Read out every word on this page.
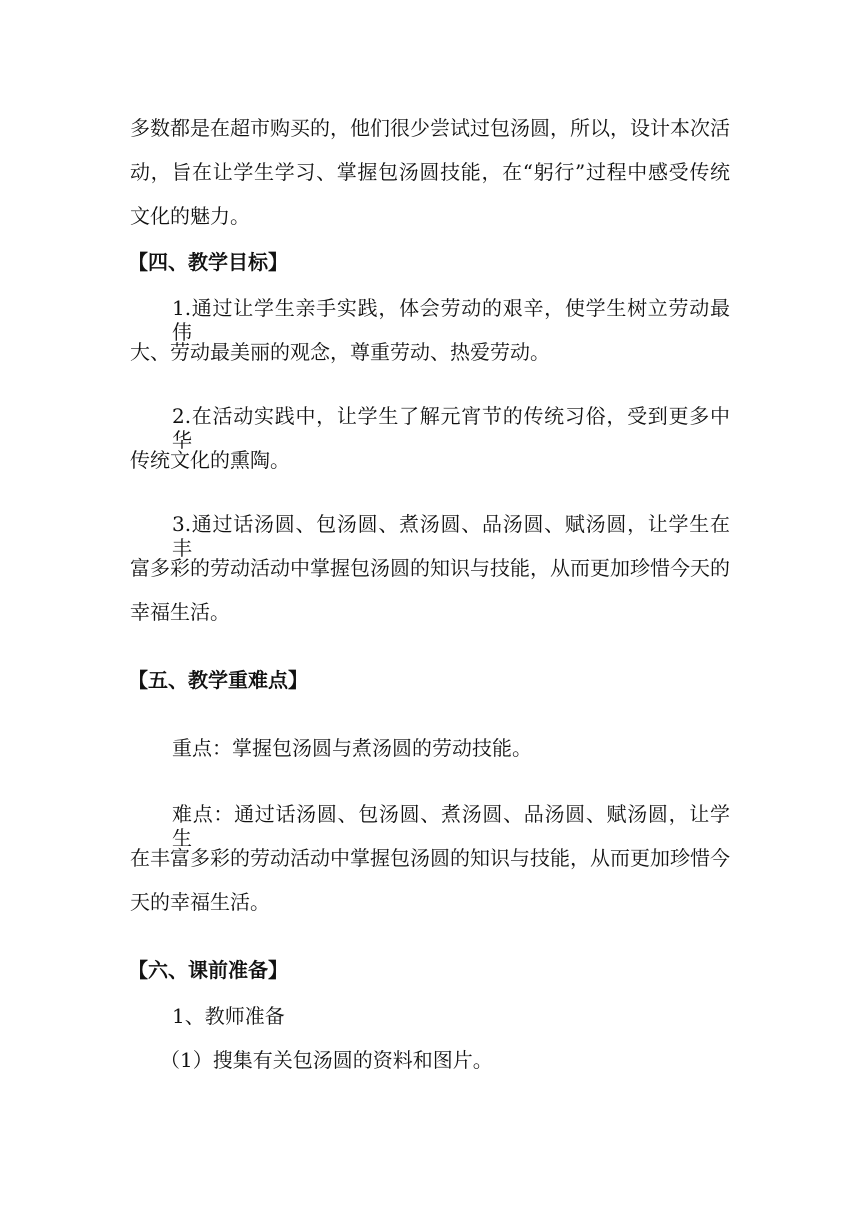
多数都是在超市购买的，他们很少尝试过包汤圆，所以，设计本次活
动，旨在让学生学习、掌握包汤圆技能，在“躬行”过程中感受传统
文化的魅力。
【四、教学目标】
1.通过让学生亲手实践，体会劳动的艰辛，使学生树立劳动最伟
大、劳动最美丽的观念，尊重劳动、热爱劳动。
2.在活动实践中，让学生了解元宵节的传统习俗，受到更多中华
传统文化的熏陶。
3.通过话汤圆、包汤圆、煮汤圆、品汤圆、赋汤圆，让学生在丰
富多彩的劳动活动中掌握包汤圆的知识与技能，从而更加珍惜今天的
幸福生活。
【五、教学重难点】
重点：掌握包汤圆与煮汤圆的劳动技能。
难点：通过话汤圆、包汤圆、煮汤圆、品汤圆、赋汤圆，让学生
在丰富多彩的劳动活动中掌握包汤圆的知识与技能，从而更加珍惜今
天的幸福生活。
【六、课前准备】
1、教师准备
（1）搜集有关包汤圆的资料和图片。
